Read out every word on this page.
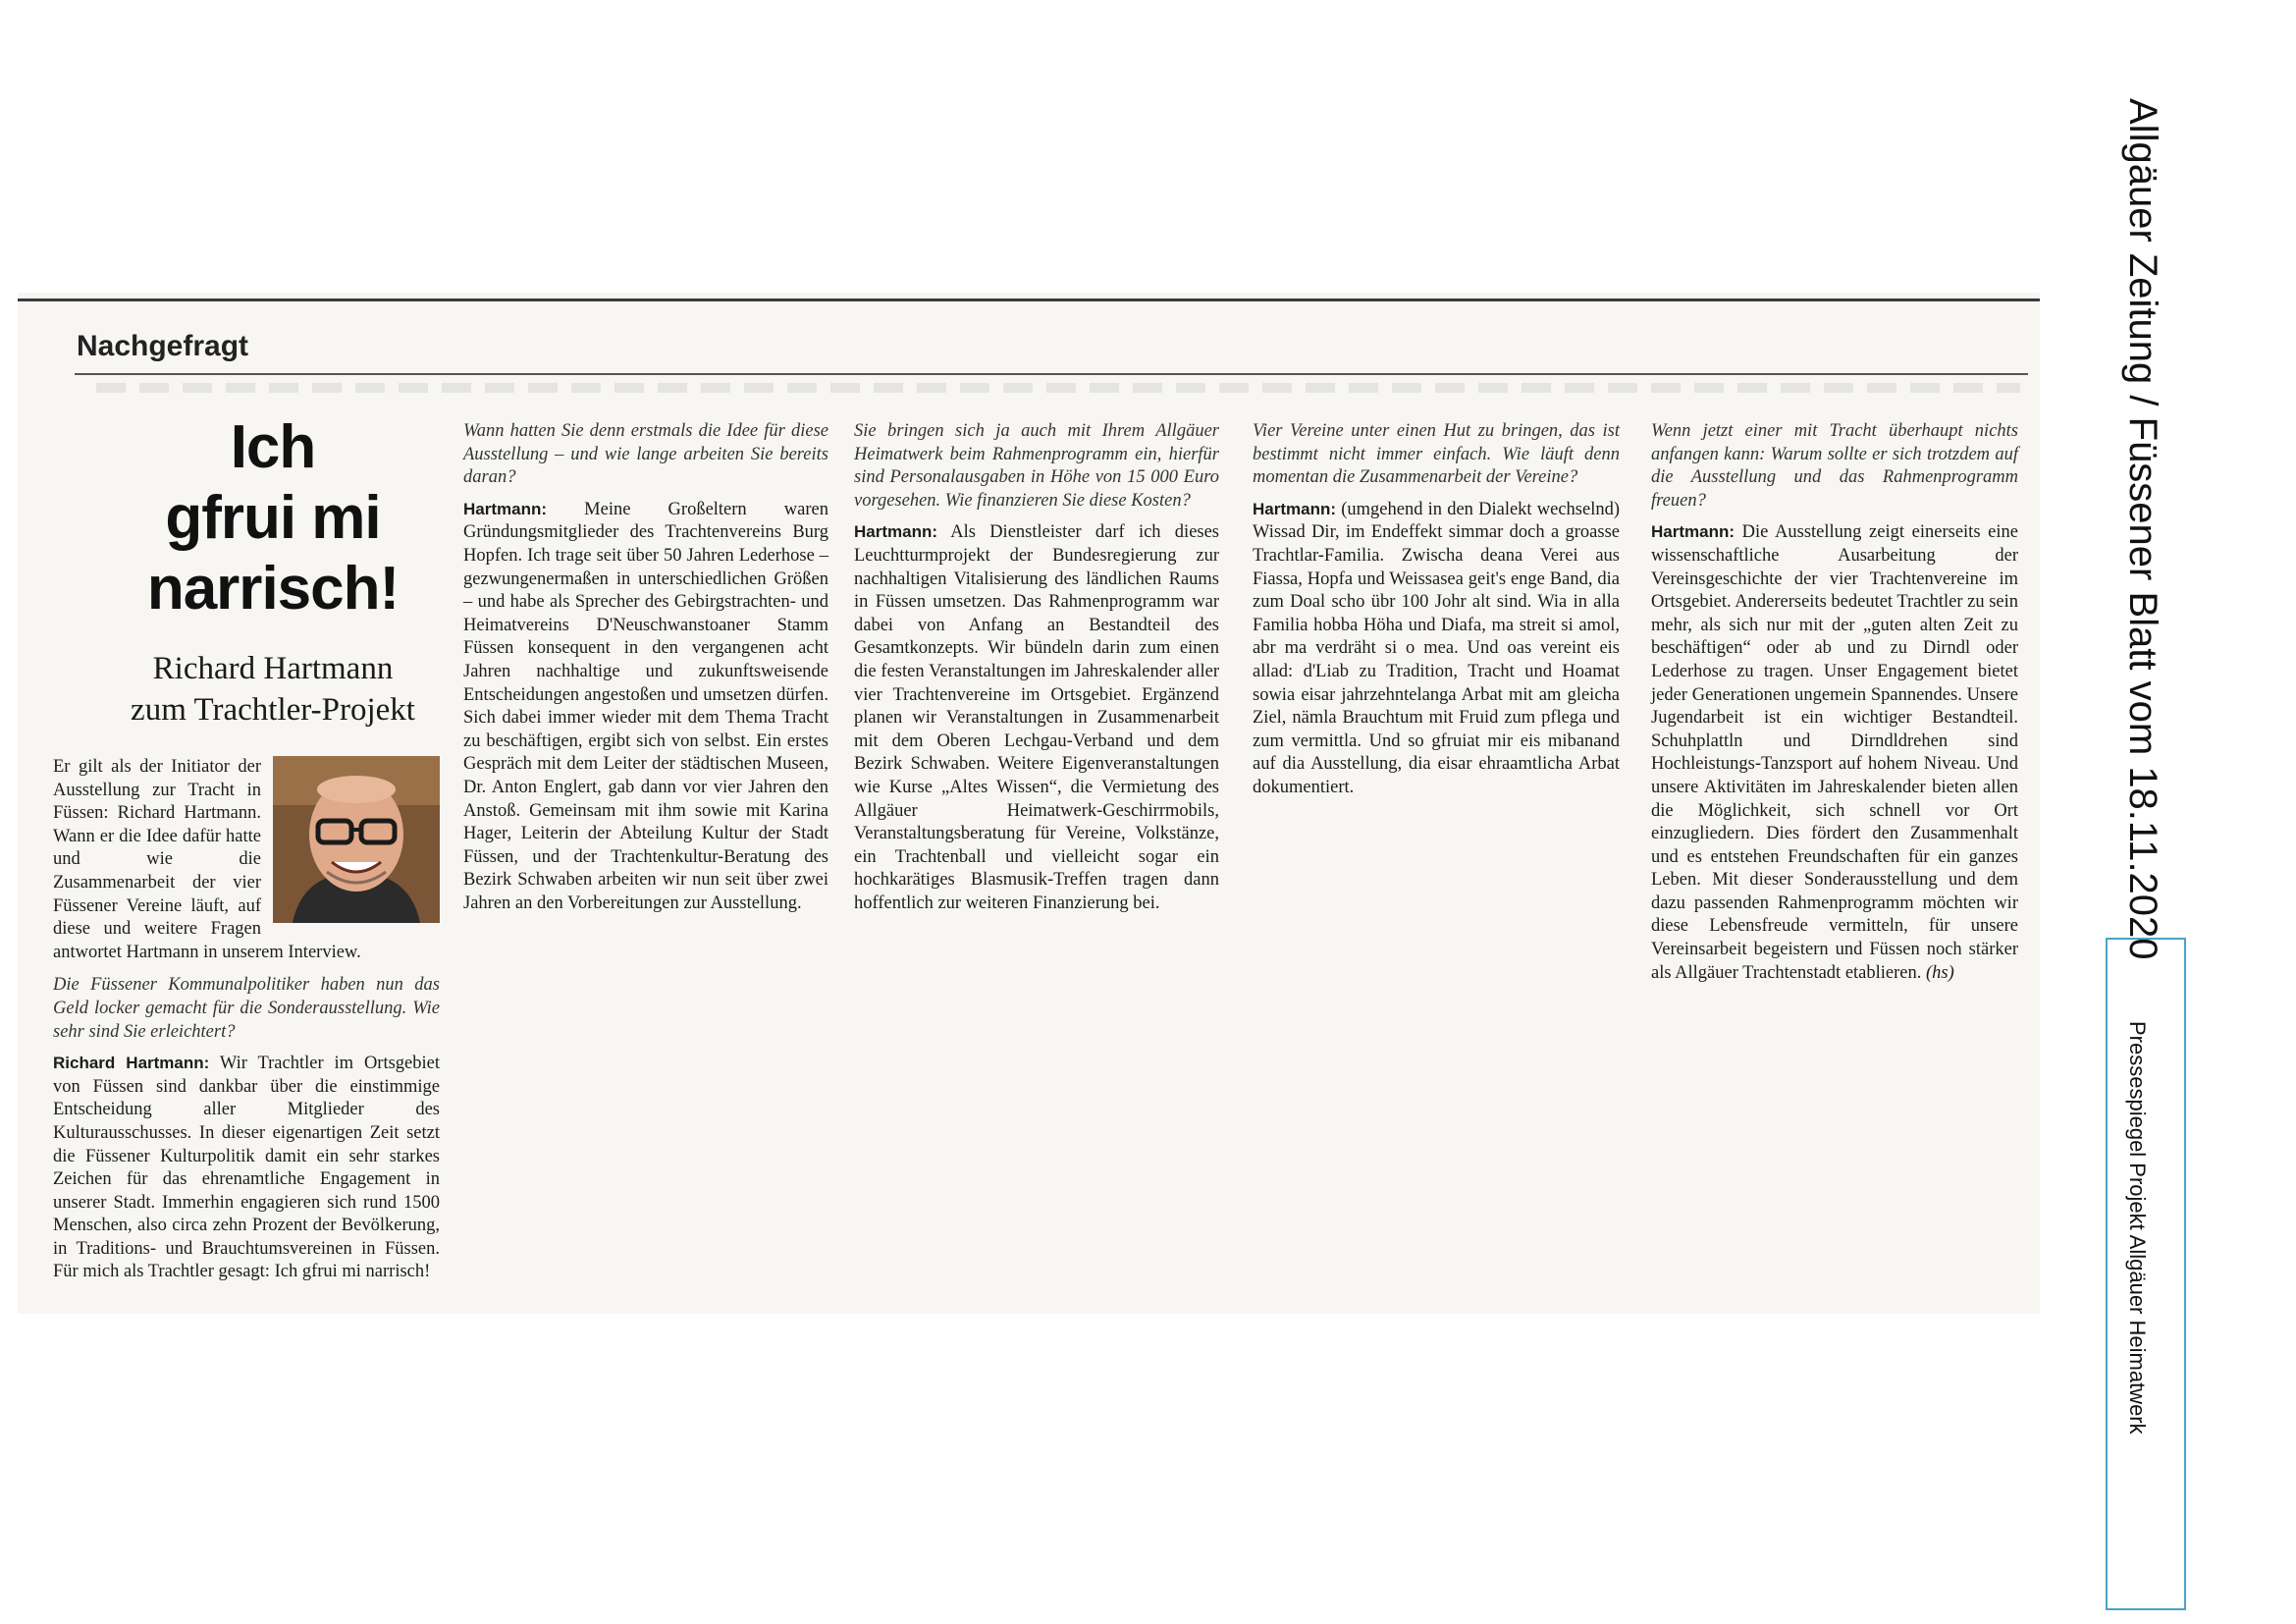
Allgäuer Zeitung / Füssener Blatt vom 18.11.2020
Pressespiegel Projekt Allgäuer Heimatwerk
Nachgefragt
Ich
gfrui mi
narrisch!
Richard Hartmann
zum Trachtler-Projekt
Er gilt als der Initiator der Ausstellung zur Tracht in Füssen: Richard Hartmann. Wann er die Idee dafür hatte und wie die Zusammenarbeit der vier Füssener Vereine läuft, auf diese und weitere Fragen antwortet Hartmann in unserem Interview.

Die Füssener Kommunalpolitiker haben nun das Geld locker gemacht für die Sonderausstellung. Wie sehr sind Sie erleichtert?

Richard Hartmann: Wir Trachtler im Ortsgebiet von Füssen sind dankbar über die einstimmige Entscheidung aller Mitglieder des Kulturausschusses. In dieser eigenartigen Zeit setzt die Füssener Kulturpolitik damit ein sehr starkes Zeichen für das ehrenamtliche Engagement in unserer Stadt. Immerhin engagieren sich rund 1500 Menschen, also circa zehn Prozent der Bevölkerung, in Traditions- und Brauchtumsvereinen in Füssen. Für mich als Trachtler gesagt: Ich gfrui mi narrisch!

Wann hatten Sie denn erstmals die Idee für diese Ausstellung – und wie lange arbeiten Sie bereits daran?

Hartmann: Meine Großeltern waren Gründungsmitglieder des Trachtenvereins Burg Hopfen. Ich trage seit über 50 Jahren Lederhose – gezwungenermaßen in unterschiedlichen Größen – und habe als Sprecher des Gebirgstrachten- und Heimatvereins D'Neuschwanstoaner Stamm Füssen konsequent in den vergangenen acht Jahren nachhaltige und zukunftsweisende Entscheidungen angestoßen und umsetzen dürfen. Sich dabei immer wieder mit dem Thema Tracht zu beschäftigen, ergibt sich von selbst. Ein erstes Gespräch mit dem Leiter der städtischen Museen, Dr. Anton Englert, gab dann vor vier Jahren den Anstoß. Gemeinsam mit ihm sowie mit Karina Hager, Leiterin der Abteilung Kultur der Stadt Füssen, und der Trachtenkultur-Beratung des Bezirk Schwaben arbeiten wir nun seit über zwei Jahren an den Vorbereitungen zur Ausstellung.

Sie bringen sich ja auch mit Ihrem Allgäuer Heimatwerk beim Rahmenprogramm ein, hierfür sind Personalausgaben in Höhe von 15 000 Euro vorgesehen. Wie finanzieren Sie diese Kosten?

Hartmann: Als Dienstleister darf ich dieses Leuchtturmprojekt der Bundesregierung zur nachhaltigen Vitalisierung des ländlichen Raums in Füssen umsetzen. Das Rahmenprogramm war dabei von Anfang an Bestandteil des Gesamtkonzepts. Wir bündeln darin zum einen die festen Veranstaltungen im Jahreskalender aller vier Trachtenvereine im Ortsgebiet. Ergänzend planen wir Veranstaltungen in Zusammenarbeit mit dem Oberen Lechgau-Verband und dem Bezirk Schwaben. Weitere Eigenveranstaltungen wie Kurse „Altes Wissen“, die Vermietung des Allgäuer Heimatwerk-Geschirrmobils, Veranstaltungsberatung für Vereine, Volkstänze, ein Trachtenball und vielleicht sogar ein hochkarätiges Blasmusik-Treffen tragen dann hoffentlich zur weiteren Finanzierung bei.

Vier Vereine unter einen Hut zu bringen, das ist bestimmt nicht immer einfach. Wie läuft denn momentan die Zusammenarbeit der Vereine?

Hartmann: (umgehend in den Dialekt wechselnd) Wissad Dir, im Endeffekt simmar doch a groasse Trachtlar-Familia. Zwischa deana Verei aus Fiassa, Hopfa und Weissasea geit's enge Band, dia zum Doal scho übr 100 Johr alt sind. Wia in alla Familia hobba Höha und Diafa, ma streit si amol, abr ma verdräht si o mea. Und oas vereint eis allad: d'Liab zu Tradition, Tracht und Hoamat sowia eisar jahrzehntelanga Arbat mit am gleicha Ziel, nämla Brauchtum mit Fruid zum pflega und zum vermittla. Und so gfruiat mir eis mibanand auf dia Ausstellung, dia eisar ehraamtlicha Arbat dokumentiert.

Wenn jetzt einer mit Tracht überhaupt nichts anfangen kann: Warum sollte er sich trotzdem auf die Ausstellung und das Rahmenprogramm freuen?

Hartmann: Die Ausstellung zeigt einerseits eine wissenschaftliche Ausarbeitung der Vereinsgeschichte der vier Trachtenvereine im Ortsgebiet. Andererseits bedeutet Trachtler zu sein mehr, als sich nur mit der „guten alten Zeit zu beschäftigen“ oder ab und zu Dirndl oder Lederhose zu tragen. Unser Engagement bietet jeder Generationen ungemein Spannendes. Unsere Jugendarbeit ist ein wichtiger Bestandteil. Schuhplattln und Dirndldrehen sind Hochleistungs-Tanzsport auf hohem Niveau. Und unsere Aktivitäten im Jahreskalender bieten allen die Möglichkeit, sich schnell vor Ort einzugliedern. Dies fördert den Zusammenhalt und es entstehen Freundschaften für ein ganzes Leben. Mit dieser Sonderausstellung und dem dazu passenden Rahmenprogramm möchten wir diese Lebensfreude vermitteln, für unsere Vereinsarbeit begeistern und Füssen noch stärker als Allgäuer Trachtenstadt etablieren. (hs)
